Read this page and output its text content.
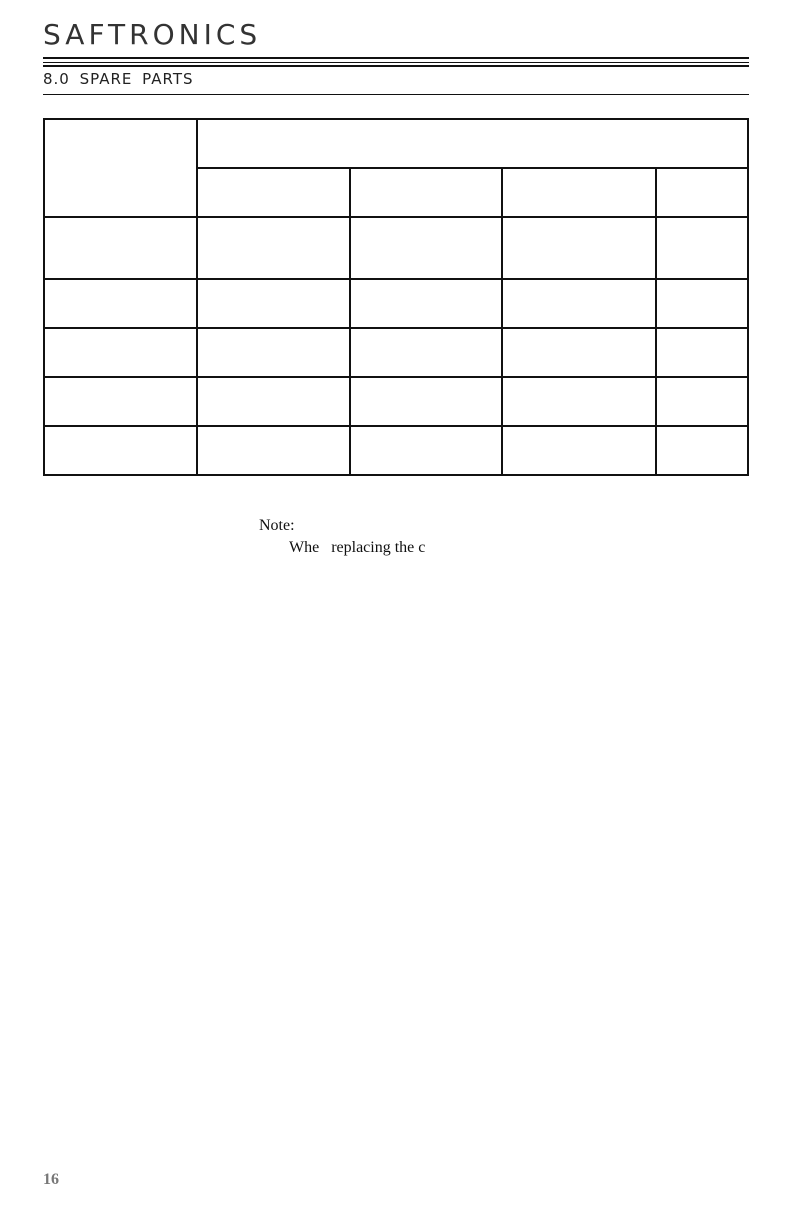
SAFTRONICS
8.0 SPARE PARTS

Note:
Whe   replacing the c
16
